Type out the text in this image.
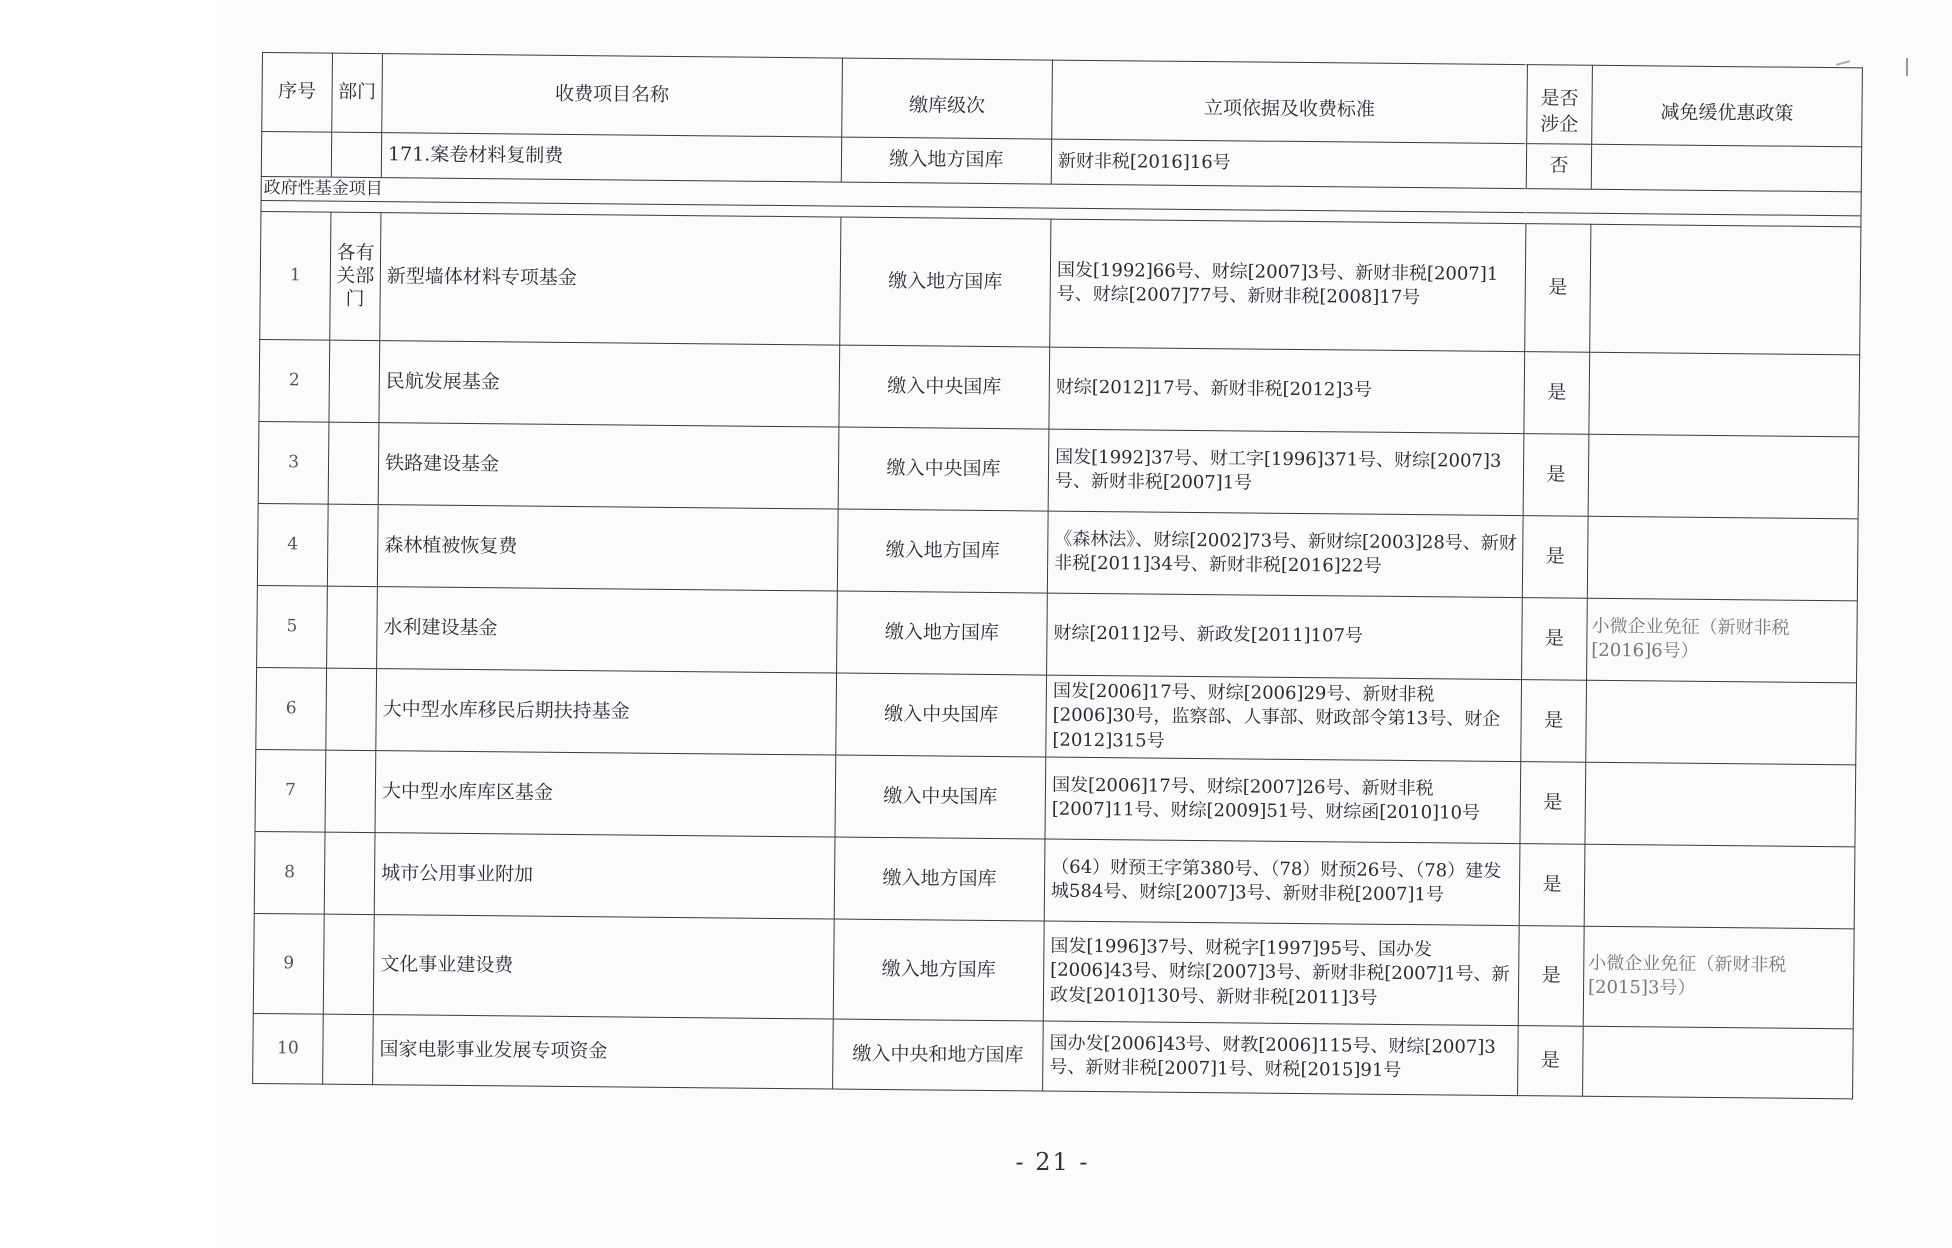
序号	部门	收费项目名称	缴库级次	立项依据及收费标准	是否涉企	减免缓优惠政策
		171.案卷材料复制费	缴入地方国库	新财非税[2016]16号	否	
政府性基金项目						

1	各有关部门	新型墙体材料专项基金	缴入地方国库	国发[1992]66号、财综[2007]3号、新财非税[2007]1号、财综[2007]77号、新财非税[2008]17号	是	
2		民航发展基金	缴入中央国库	财综[2012]17号、新财非税[2012]3号	是	
3		铁路建设基金	缴入中央国库	国发[1992]37号、财工字[1996]371号、财综[2007]3号、新财非税[2007]1号	是	
4		森林植被恢复费	缴入地方国库	《森林法》、财综[2002]73号、新财综[2003]28号、新财非税[2011]34号、新财非税[2016]22号	是	
5		水利建设基金	缴入地方国库	财综[2011]2号、新政发[2011]107号	是	小微企业免征（新财非税[2016]6号）
6		大中型水库移民后期扶持基金	缴入中央国库	国发[2006]17号、财综[2006]29号、新财非税[2006]30号，监察部、人事部、财政部令第13号、财企[2012]315号	是	
7		大中型水库库区基金	缴入中央国库	国发[2006]17号、财综[2007]26号、新财非税[2007]11号、财综[2009]51号、财综函[2010]10号	是	
8		城市公用事业附加	缴入地方国库	（64）财预王字第380号、（78）财预26号、（78）建发城584号、财综[2007]3号、新财非税[2007]1号	是	
9		文化事业建设费	缴入地方国库	国发[1996]37号、财税字[1997]95号、国办发[2006]43号、财综[2007]3号、新财非税[2007]1号、新政发[2010]130号、新财非税[2011]3号	是	小微企业免征（新财非税[2015]3号）
10		国家电影事业发展专项资金	缴入中央和地方国库	国办发[2006]43号、财教[2006]115号、财综[2007]3号、新财非税[2007]1号、财税[2015]91号	是	
- 21 -
